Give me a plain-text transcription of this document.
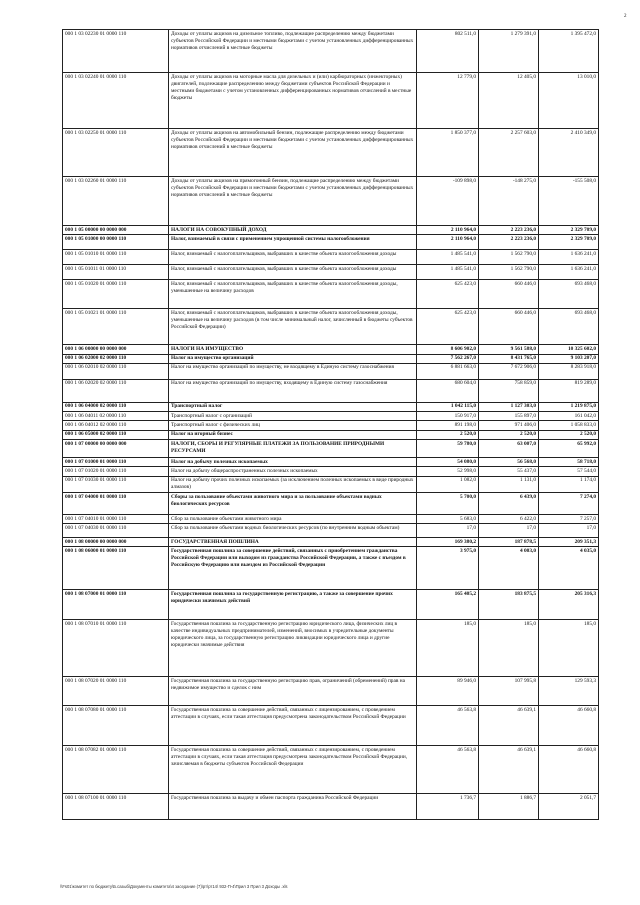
2
000 1 03 02230 01 0000 110	Доходы от уплаты акцизов на дизельное топливо, подлежащие распределению между бюджетами субъектов Российской Федерации и местными бюджетами с учетом установленных дифференцированных нормативов отчислений в местные бюджеты	802 511,0	1 279 391,0	1 395 472,0
000 1 03 02240 01 0000 110	Доходы от уплаты акцизов на моторные масла для дизельных и (или) карбюраторных (инжекторных) двигателей, подлежащие распределению между бюджетами субъектов Российской Федерации и местными бюджетами с учетом установленных дифференцированных нормативов отчислений в местные бюджеты	12 779,0	12 405,0	13 010,0
000 1 03 02250 01 0000 110	Доходы от уплаты акцизов на автомобильный бензин, подлежащие распределению между бюджетами субъектов Российской Федерации и местными бюджетами с учетом установленных дифференцированных нормативов отчислений в местные бюджеты	1 850 377,0	2 257 603,0	2 410 349,0
000 1 03 02260 01 0000 110	Доходы от уплаты акцизов на прямогонный бензин, подлежащие распределению между бюджетами субъектов Российской Федерации и местными бюджетами с учетом установленных дифференцированных нормативов отчислений в местные бюджеты	-109 898,0	-148 275,0	-155 508,0
000 1 05 00000 00 0000 000	НАЛОГИ НА СОВОКУПНЫЙ ДОХОД	2 110 964,0	2 223 236,0	2 329 709,0
000 1 05 01000 00 0000 110	Налог, взимаемый в связи с применением упрощенной системы налогообложения	2 110 964,0	2 223 236,0	2 329 709,0
000 1 05 01010 01 0000 110	Налог, взимаемый с налогоплательщиков, выбравших в качестве объекта налогообложения доходы	1 485 541,0	1 562 790,0	1 636 241,0
000 1 05 01011 01 0000 110	Налог, взимаемый с налогоплательщиков, выбравших в качестве объекта налогообложения доходы	1 485 541,0	1 562 790,0	1 636 241,0
000 1 05 01020 01 0000 110	Налог, взимаемый с налогоплательщиков, выбравших в качестве объекта налогообложения доходы, уменьшенные на величину расходов	625 423,0	660 446,0	693 468,0
000 1 05 01021 01 0000 110	Налог, взимаемый с налогоплательщиков, выбравших в качестве объекта налогообложения доходы, уменьшенные на величину расходов (в том числе минимальный налог, зачисленный в бюджеты субъектов Российской Федерации)	625 423,0	660 446,0	693 468,0
000 1 06 00000 00 0000 000	НАЛОГИ НА ИМУЩЕСТВО	8 606 902,0	9 561 588,0	10 325 602,0
000 1 06 02000 02 0000 110	Налог на имущество организаций	7 562 267,0	8 431 765,0	9 103 207,0
000 1 06 02010 02 0000 110	Налог на имущество организаций по имуществу, не входящему в Единую систему газоснабжения	6 881 663,0	7 672 906,0	8 283 918,0
000 1 06 02020 02 0000 110	Налог на имущество организаций по имуществу, входящему в Единую систему газоснабжения	680 604,0	758 859,0	819 289,0
000 1 06 04000 02 0000 110	Транспортный налог	1 042 115,0	1 127 303,0	1 219 875,0
000 1 06 04011 02 0000 110	Транспортный налог с организаций	150 917,0	155 897,0	161 042,0
000 1 06 04012 02 0000 110	Транспортный налог с физических лиц	891 198,0	971 406,0	1 058 833,0
000 1 06 05000 02 0000 110	Налог на игорный бизнес	2 520,0	2 520,0	2 520,0
000 1 07 00000 00 0000 000	НАЛОГИ, СБОРЫ И РЕГУЛЯРНЫЕ ПЛАТЕЖИ ЗА ПОЛЬЗОВАНИЕ ПРИРОДНЫМИ РЕСУРСАМИ	59 780,0	63 007,0	65 992,0
000 1 07 01000 01 0000 110	Налог на добычу полезных ископаемых	54 080,0	56 568,0	58 718,0
000 1 07 01020 01 0000 110	Налог на добычу общераспространенных полезных ископаемых	52 998,0	55 437,0	57 544,0
000 1 07 01030 01 0000 110	Налог на добычу прочих полезных ископаемых (за исключением полезных ископаемых в виде природных алмазов)	1 082,0	1 131,0	1 174,0
000 1 07 04000 01 0000 110	Сборы за пользование объектами животного мира и за пользование объектами водных биологических ресурсов	5 700,0	6 439,0	7 274,0
000 1 07 04010 01 0000 110	Сбор за пользование объектами животного мира	5 683,0	6 422,0	7 257,0
000 1 07 04030 01 0000 110	Сбор за пользование объектами водных биологических ресурсов (по внутренним водным объектам)	17,0	17,0	17,0
000 1 08 00000 00 0000 000	ГОСУДАРСТВЕННАЯ ПОШЛИНА	169 380,2	187 878,5	209 351,3
000 1 08 06000 01 0000 110	Государственная пошлина за совершение действий, связанных с приобретением гражданства Российской Федерации или выходом из гражданства Российской Федерации, а также с въездом в Российскую Федерацию или выездом из Российской Федерации	3 975,0	4 003,0	4 035,0
000 1 08 07000 01 0000 110	Государственная пошлина за государственную регистрацию, а также за совершение прочих юридически значимых действий	165 405,2	183 875,5	205 316,3
000 1 08 07010 01 0000 110	Государственная пошлина за государственную регистрацию юридического лица, физических лиц в качестве индивидуальных предпринимателей, изменений, вносимых в учредительные документы юридического лица, за государственную регистрацию ликвидации юридического лица и другие юридически значимые действия	185,0	185,0	185,0
000 1 08 07020 01 0000 110	Государственная пошлина за государственную регистрацию прав, ограничений (обременений) прав на недвижимое имущество и сделок с ним	89 946,0	107 995,8	129 593,3
000 1 08 07080 01 0000 110	Государственная пошлина за совершение действий, связанных с лицензированием, с проведением аттестации в случаях, если такая аттестация предусмотрена законодательством Российской Федерации	46 563,8	46 639,1	46 660,8
000 1 08 07082 01 0000 110	Государственная пошлина за совершение действий, связанных с лицензированием, с проведением аттестации в случаях, если такая аттестация предусмотрена законодательством Российской Федерации, зачисляемая в бюджеты субъектов Российской Федерации	46 563,8	46 639,1	46 660,8
000 1 08 07100 01 0000 110	Государственная пошлина за выдачу и обмен паспорта гражданина Российской Федерации	1 736,7	1 886,7	2 051,7
\\Fs01\комитет по бюджету\Б.сазыб\Документы комитета\4 заседание (7)\рт\рт14\ 932-П-4\Прил 3 Прил 3 Доходы .xls
